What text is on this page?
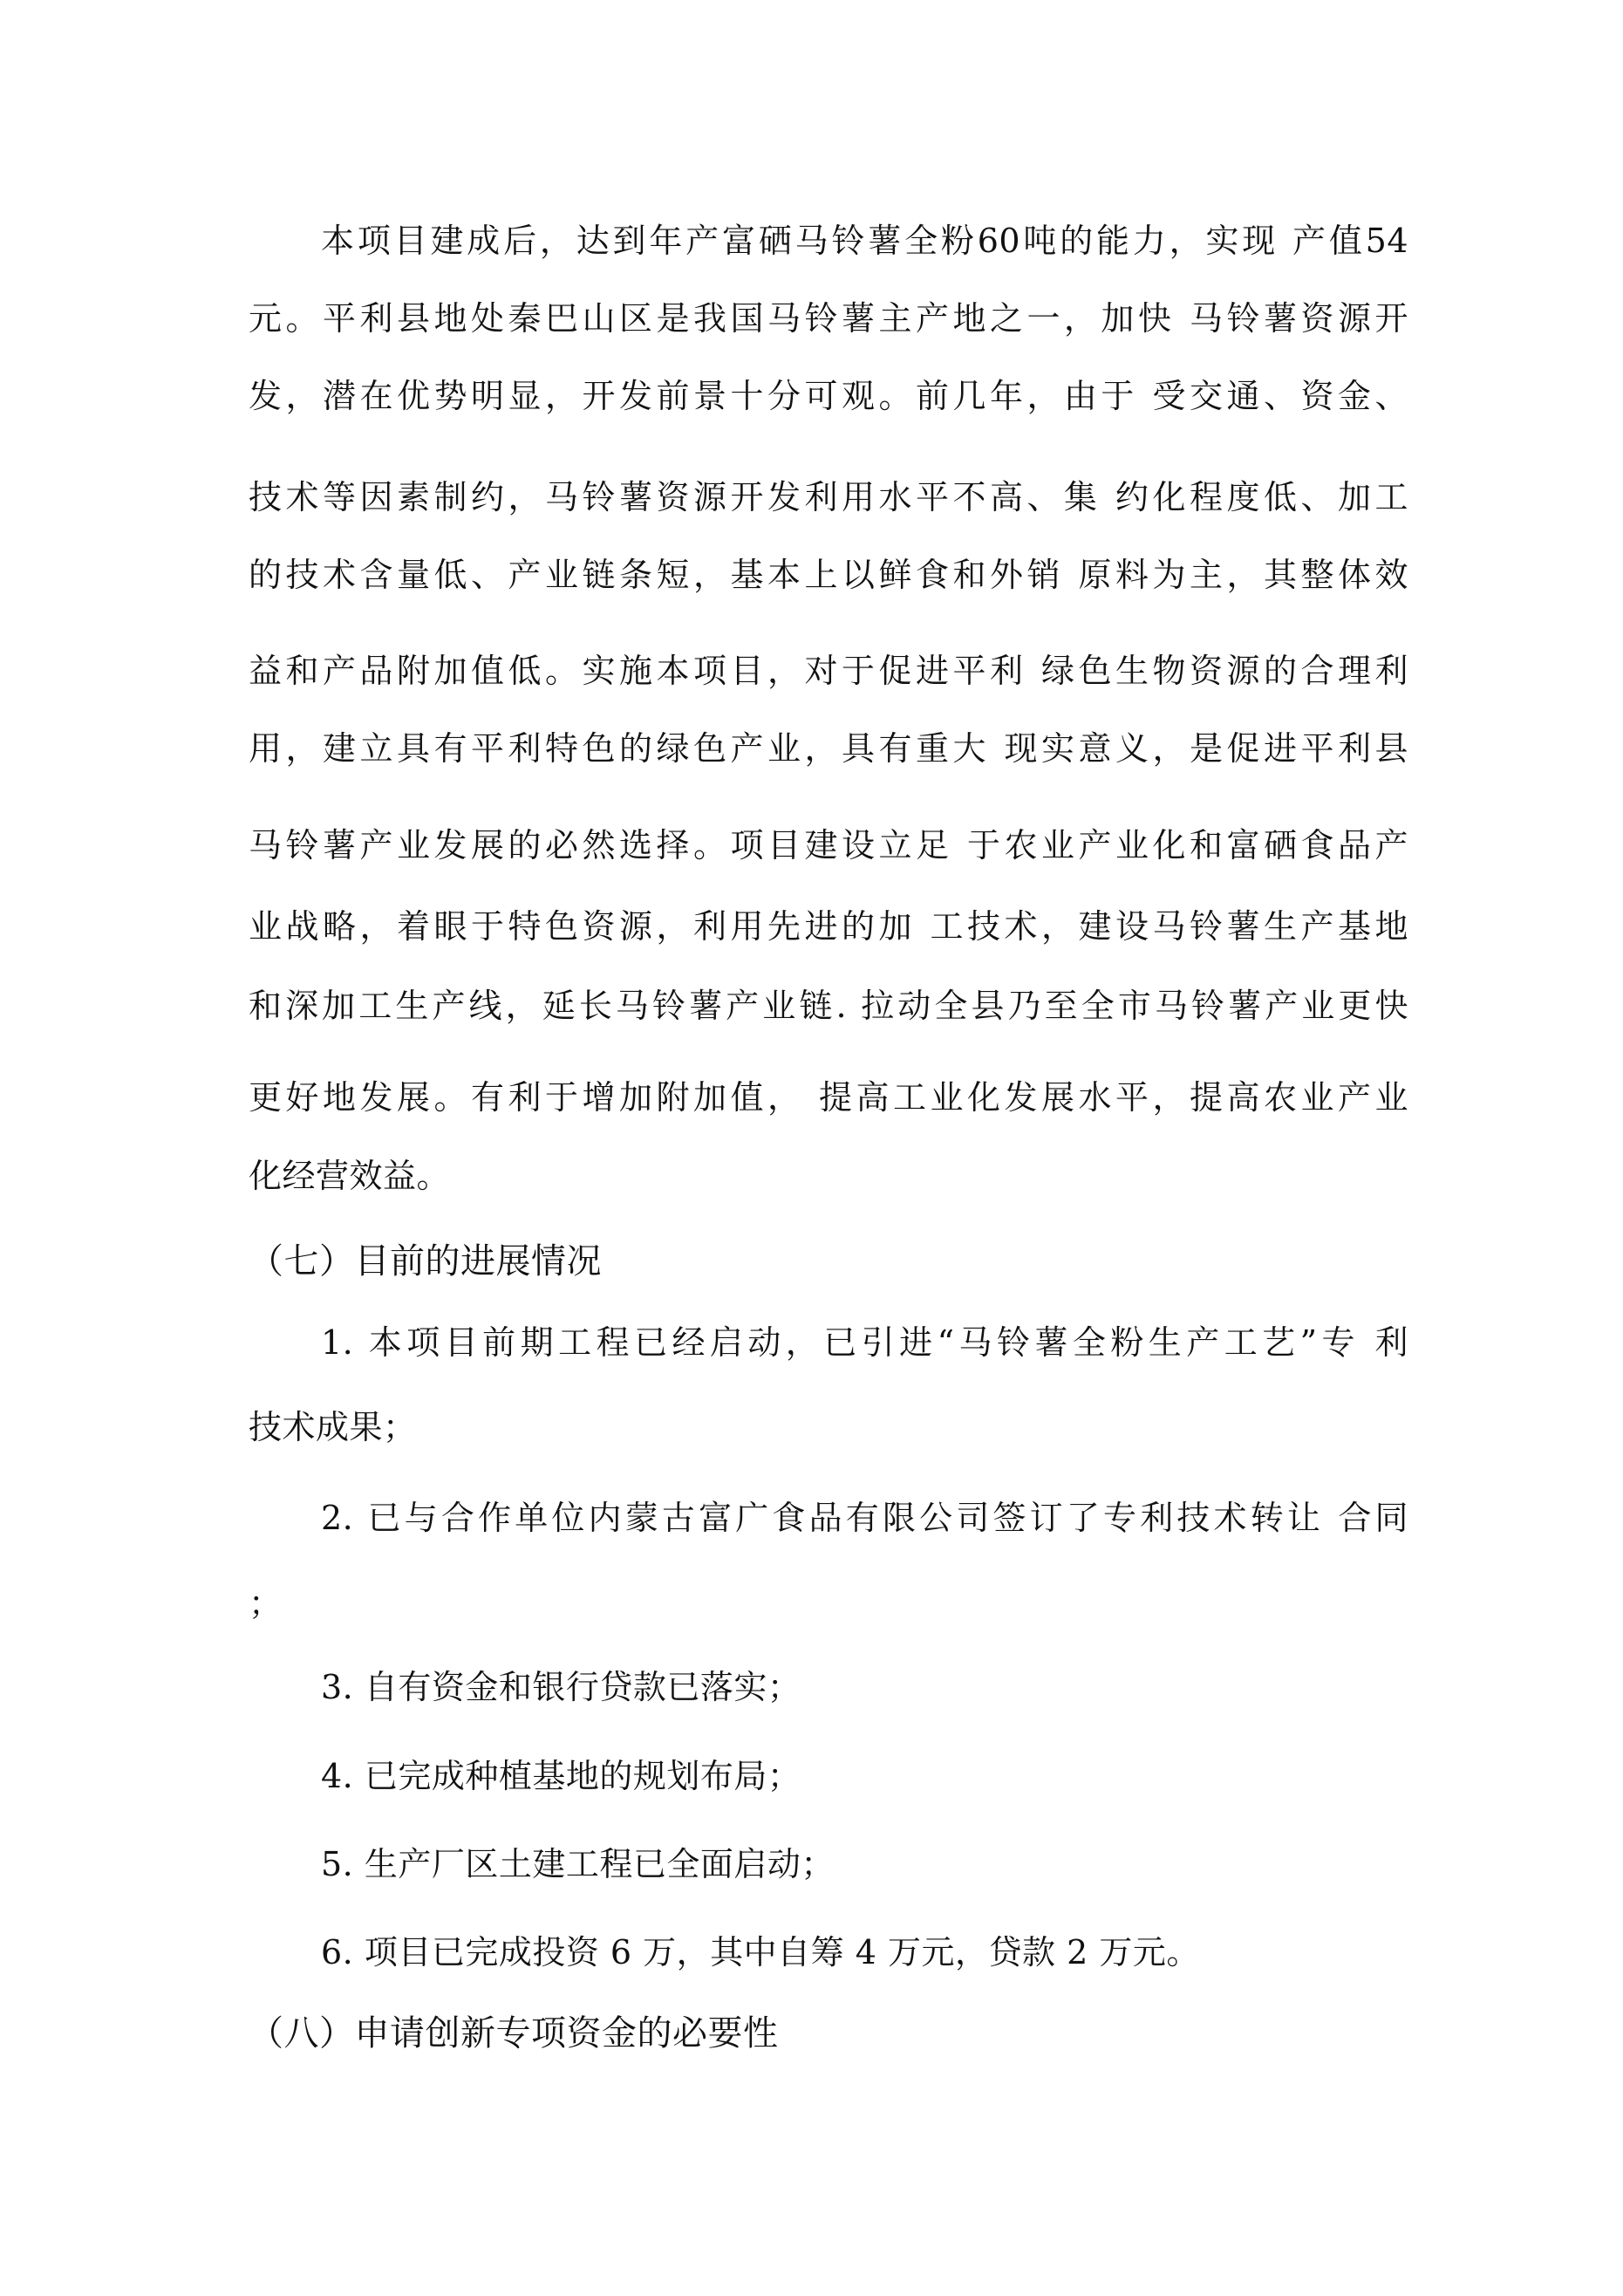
本项目建成后，达到年产富硒马铃薯全粉60吨的能力，实现 产值54
元。平利县地处秦巴山区是我国马铃薯主产地之一，加快 马铃薯资源开
发，潜在优势明显，开发前景十分可观。前几年，由于 受交通、资金、
技术等因素制约，马铃薯资源开发利用水平不高、集 约化程度低、加工
的技术含量低、产业链条短，基本上以鲜食和外销 原料为主，其整体效
益和产品附加值低。实施本项目，对于促进平利 绿色生物资源的合理利
用，建立具有平利特色的绿色产业，具有重大 现实意义，是促进平利县
马铃薯产业发展的必然选择。项目建设立足 于农业产业化和富硒食品产
业战略，着眼于特色资源，利用先进的加 工技术，建设马铃薯生产基地
和深加工生产线，延长马铃薯产业链. 拉动全县乃至全市马铃薯产业更快
更好地发展。有利于增加附加值， 提高工业化发展水平，提高农业产业
化经营效益。
（七）目前的进展情况
1. 本项目前期工程已经启动，已引进“马铃薯全粉生产工艺”专 利
技术成果；
2. 已与合作单位内蒙古富广食品有限公司签订了专利技术转让 合同
；
3. 自有资金和银行贷款已落实；
4. 已完成种植基地的规划布局；
5. 生产厂区土建工程已全面启动；
6. 项目已完成投资 6 万，其中自筹 4 万元，贷款 2 万元。
（八）申请创新专项资金的必要性
